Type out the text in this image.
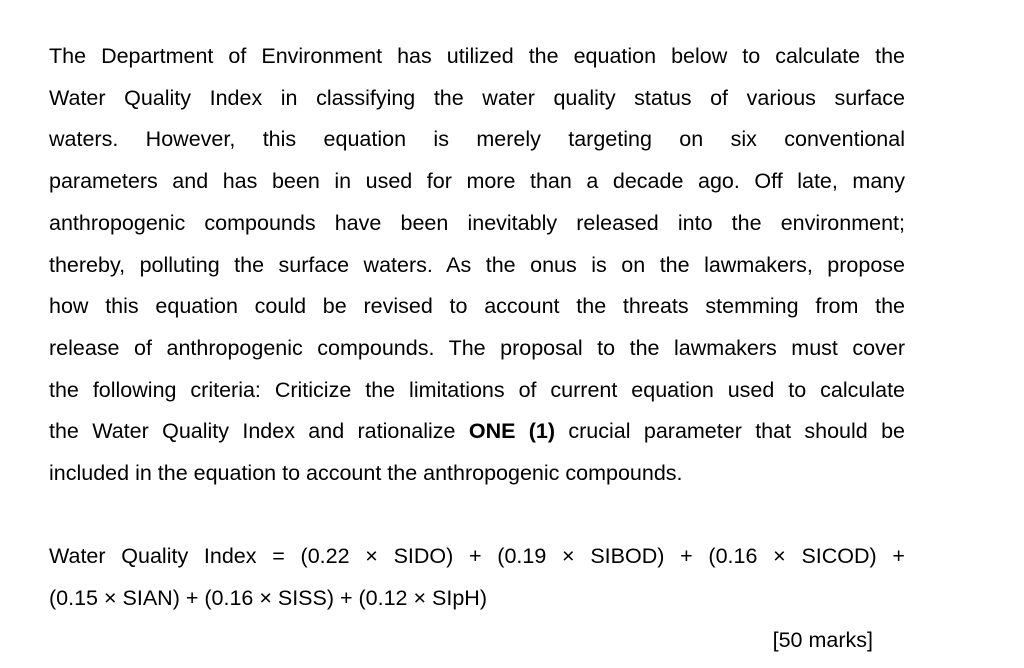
The Department of Environment has utilized the equation below to calculate the
Water Quality Index in classifying the water quality status of various surface
waters. However, this equation is merely targeting on six conventional
parameters and has been in used for more than a decade ago. Off late, many
anthropogenic compounds have been inevitably released into the environment;
thereby, polluting the surface waters. As the onus is on the lawmakers, propose
how this equation could be revised to account the threats stemming from the
release of anthropogenic compounds. The proposal to the lawmakers must cover
the following criteria: Criticize the limitations of current equation used to calculate
the Water Quality Index and rationalize ONE (1) crucial parameter that should be
included in the equation to account the anthropogenic compounds.
Water Quality Index = (0.22 × SIDO) + (0.19 × SIBOD) + (0.16 × SICOD) +
(0.15 × SIAN) + (0.16 × SISS) + (0.12 × SIpH)
[50 marks]
